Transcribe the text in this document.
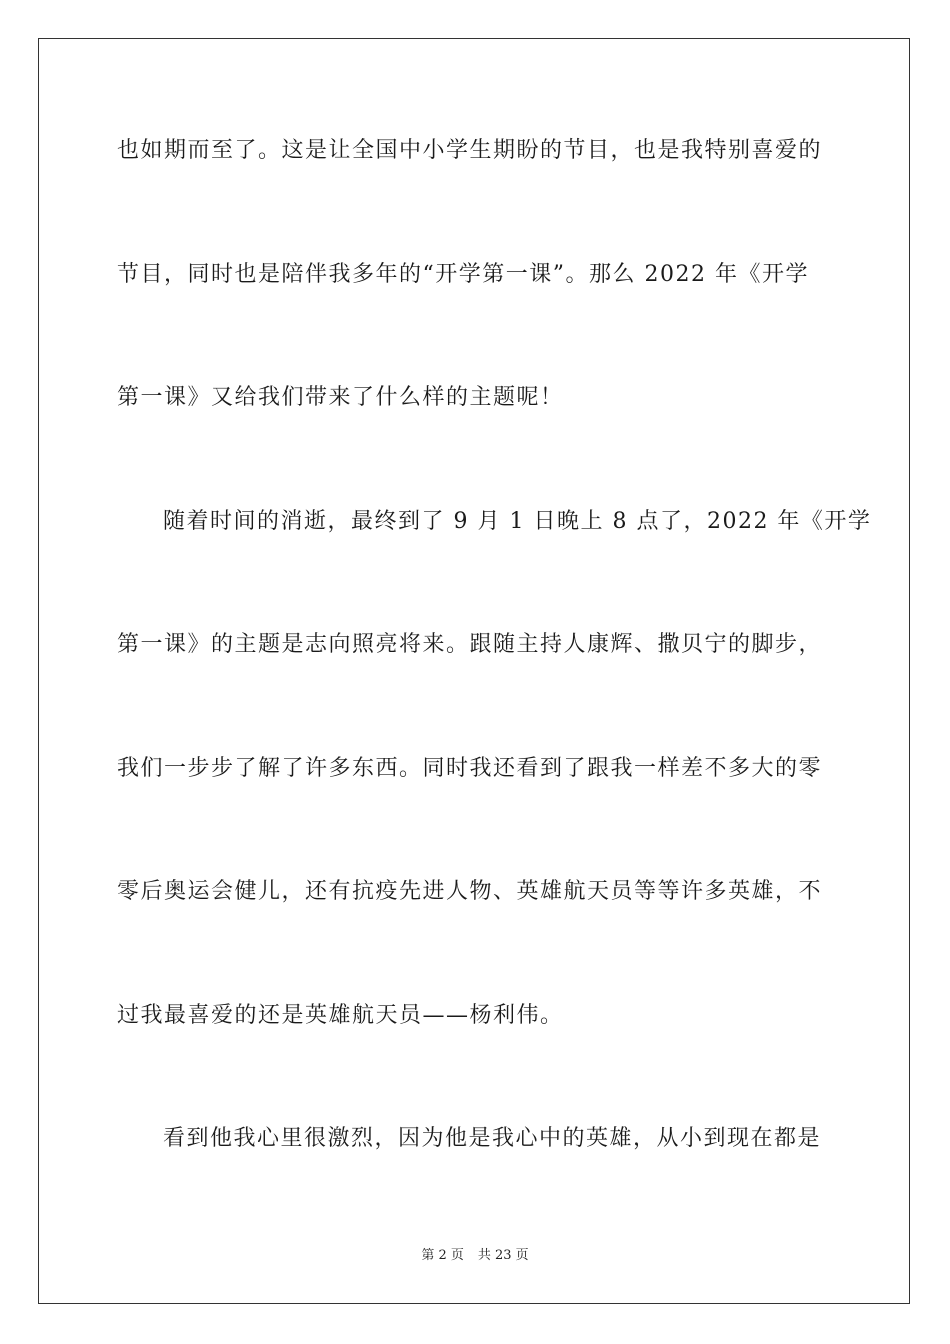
也如期而至了。这是让全国中小学生期盼的节目，也是我特别喜爱的

节目，同时也是陪伴我多年的“开学第一课”。那么 2022 年《开学

第一课》又给我们带来了什么样的主题呢！

随着时间的消逝，最终到了 9 月 1 日晚上 8 点了，2022 年《开学

第一课》的主题是志向照亮将来。跟随主持人康辉、撒贝宁的脚步，

我们一步步了解了许多东西。同时我还看到了跟我一样差不多大的零

零后奥运会健儿，还有抗疫先进人物、英雄航天员等等许多英雄，不

过我最喜爱的还是英雄航天员——杨利伟。

看到他我心里很激烈，因为他是我心中的英雄，从小到现在都是

第 2 页 共 23 页
